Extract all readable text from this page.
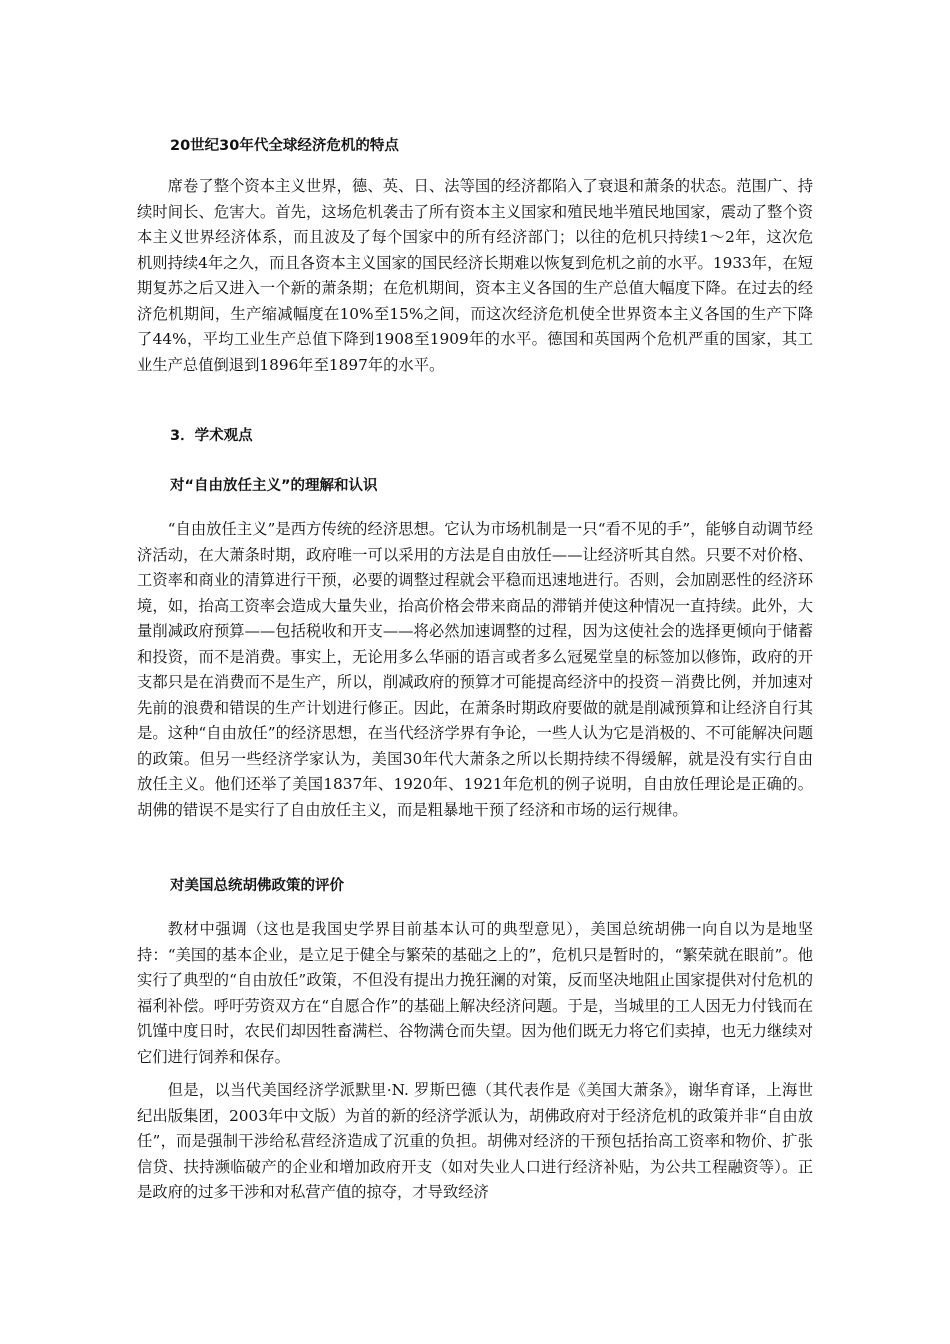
20世纪30年代全球经济危机的特点

席卷了整个资本主义世界，德、英、日、法等国的经济都陷入了衰退和萧条的状态。范围广、持续时间长、危害大。首先，这场危机袭击了所有资本主义国家和殖民地半殖民地国家，震动了整个资本主义世界经济体系，而且波及了每个国家中的所有经济部门；以往的危机只持续1～2年，这次危机则持续4年之久，而且各资本主义国家的国民经济长期难以恢复到危机之前的水平。1933年，在短期复苏之后又进入一个新的萧条期；在危机期间，资本主义各国的生产总值大幅度下降。在过去的经济危机期间，生产缩减幅度在10%至15%之间，而这次经济危机使全世界资本主义各国的生产下降了44%，平均工业生产总值下降到1908至1909年的水平。德国和英国两个危机严重的国家，其工业生产总值倒退到1896年至1897年的水平。

3．学术观点
对“自由放任主义”的理解和认识

“自由放任主义”是西方传统的经济思想。它认为市场机制是一只“看不见的手”，能够自动调节经济活动，在大萧条时期，政府唯一可以采用的方法是自由放任——让经济听其自然。只要不对价格、工资率和商业的清算进行干预，必要的调整过程就会平稳而迅速地进行。否则，会加剧恶性的经济环境，如，抬高工资率会造成大量失业，抬高价格会带来商品的滞销并使这种情况一直持续。此外，大量削减政府预算——包括税收和开支——将必然加速调整的过程，因为这使社会的选择更倾向于储蓄和投资，而不是消费。事实上，无论用多么华丽的语言或者多么冠冕堂皇的标签加以修饰，政府的开支都只是在消费而不是生产，所以，削减政府的预算才可能提高经济中的投资－消费比例，并加速对先前的浪费和错误的生产计划进行修正。因此，在萧条时期政府要做的就是削减预算和让经济自行其是。这种“自由放任”的经济思想，在当代经济学界有争论，一些人认为它是消极的、不可能解决问题的政策。但另一些经济学家认为，美国30年代大萧条之所以长期持续不得缓解，就是没有实行自由放任主义。他们还举了美国1837年、1920年、1921年危机的例子说明，自由放任理论是正确的。胡佛的错误不是实行了自由放任主义，而是粗暴地干预了经济和市场的运行规律。

对美国总统胡佛政策的评价

教材中强调（这也是我国史学界目前基本认可的典型意见），美国总统胡佛一向自以为是地坚持：“美国的基本企业，是立足于健全与繁荣的基础之上的”，危机只是暂时的，“繁荣就在眼前”。他实行了典型的“自由放任”政策，不但没有提出力挽狂澜的对策，反而坚决地阻止国家提供对付危机的福利补偿。呼吁劳资双方在“自愿合作”的基础上解决经济问题。于是，当城里的工人因无力付钱而在饥馑中度日时，农民们却因牲畜满栏、谷物满仓而失望。因为他们既无力将它们卖掉，也无力继续对它们进行饲养和保存。

但是，以当代美国经济学派默里·N. 罗斯巴德（其代表作是《美国大萧条》，谢华育译，上海世纪出版集团，2003年中文版）为首的新的经济学派认为，胡佛政府对于经济危机的政策并非“自由放任”，而是强制干涉给私营经济造成了沉重的负担。胡佛对经济的干预包括抬高工资率和物价、扩张信贷、扶持濒临破产的企业和增加政府开支（如对失业人口进行经济补贴，为公共工程融资等）。正是政府的过多干涉和对私营产值的掠夺，才导致经济
